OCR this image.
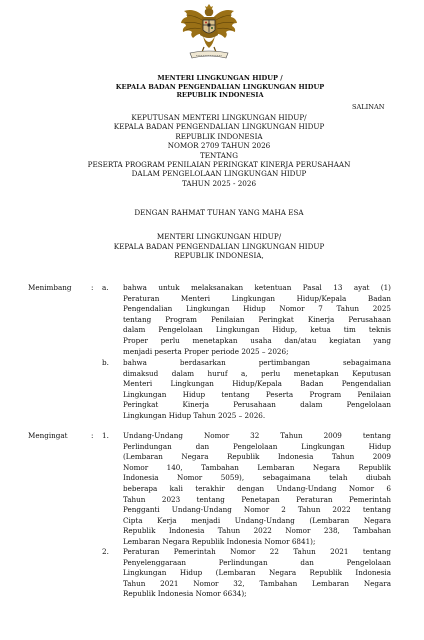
MENTERI LINGKUNGAN HIDUP /
KEPALA BADAN PENGENDALIAN LINGKUNGAN HIDUP
REPUBLIK INDONESIA
SALINAN
KEPUTUSAN MENTERI LINGKUNGAN HIDUP/
KEPALA BADAN PENGENDALIAN LINGKUNGAN HIDUP
REPUBLIK INDONESIA
NOMOR 2709 TAHUN 2026
TENTANG
PESERTA PROGRAM PENILAIAN PERINGKAT KINERJA PERUSAHAAN
DALAM PENGELOLAAN LINGKUNGAN HIDUP
TAHUN 2025 - 2026
DENGAN RAHMAT TUHAN YANG MAHA ESA
MENTERI LINGKUNGAN HIDUP/
KEPALA BADAN PENGENDALIAN LINGKUNGAN HIDUP
REPUBLIK INDONESIA,
Menimbang	: a. bahwa untuk melaksanakan ketentuan Pasal 13 ayat (1)
Peraturan Menteri Lingkungan Hidup/Kepala Badan
Pengendalian Lingkungan Hidup Nomor 7 Tahun 2025
tentang Program Penilaian Peringkat Kinerja Perusahaan
dalam Pengelolaan Lingkungan Hidup, ketua tim teknis
Proper perlu menetapkan usaha dan/atau kegiatan yang
menjadi peserta Proper periode 2025 – 2026;
b. bahwa berdasarkan pertimbangan sebagaimana
dimaksud dalam huruf a, perlu menetapkan Keputusan
Menteri Lingkungan Hidup/Kepala Badan Pengendalian
Lingkungan Hidup tentang Peserta Program Penilaian
Peringkat Kinerja Perusahaan dalam Pengelolaan
Lingkungan Hidup Tahun 2025 – 2026.
Mengingat	: 1. Undang-Undang Nomor 32 Tahun 2009 tentang
Perlindungan dan Pengelolaan Lingkungan Hidup
(Lembaran Negara Republik Indonesia Tahun 2009
Nomor 140, Tambahan Lembaran Negara Republik
Indonesia Nomor 5059), sebagaimana telah diubah
beberapa kali terakhir dengan Undang-Undang Nomor 6
Tahun 2023 tentang Penetapan Peraturan Pemerintah
Pengganti Undang-Undang Nomor 2 Tahun 2022 tentang
Cipta Kerja menjadi Undang-Undang (Lembaran Negara
Republik Indonesia Tahun 2022 Nomor 238, Tambahan
Lembaran Negara Republik Indonesia Nomor 6841);
2. Peraturan Pemerintah Nomor 22 Tahun 2021 tentang
Penyelenggaraan Perlindungan dan Pengelolaan
Lingkungan Hidup (Lembaran Negara Republik Indonesia
Tahun 2021 Nomor 32, Tambahan Lembaran Negara
Republik Indonesia Nomor 6634);
